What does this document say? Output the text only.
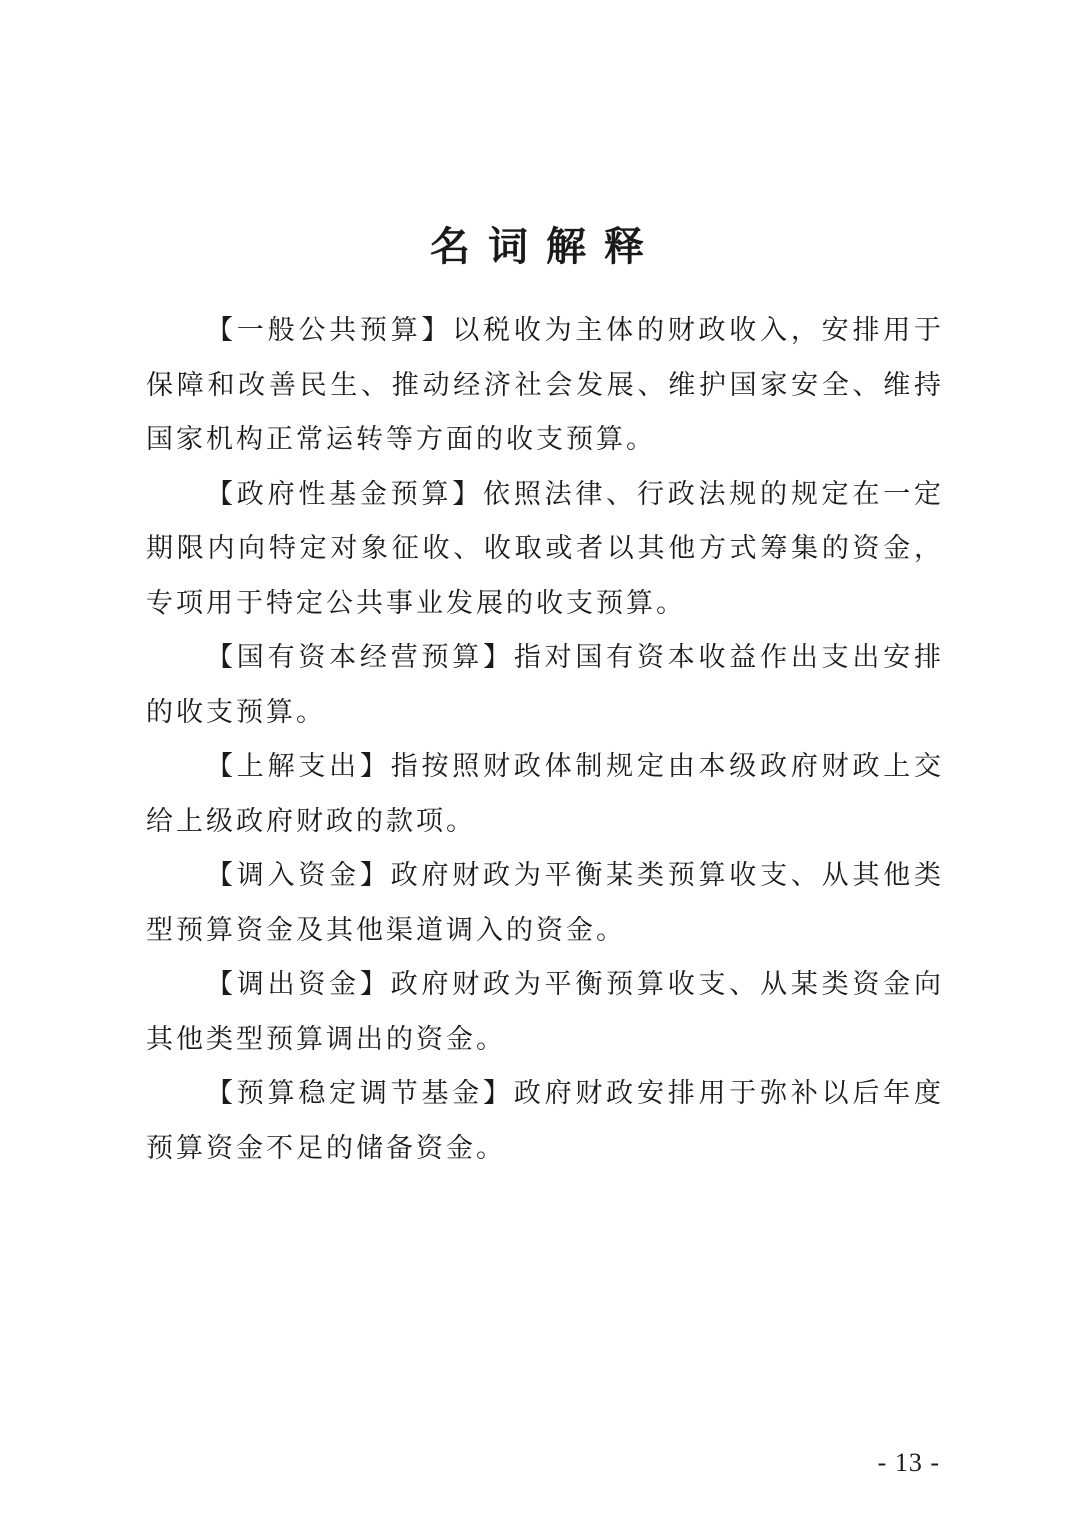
名词解释

【一般公共预算】以税收为主体的财政收入，安排用于保障和改善民生、推动经济社会发展、维护国家安全、维持国家机构正常运转等方面的收支预算。

【政府性基金预算】依照法律、行政法规的规定在一定期限内向特定对象征收、收取或者以其他方式筹集的资金，专项用于特定公共事业发展的收支预算。

【国有资本经营预算】指对国有资本收益作出支出安排的收支预算。

【上解支出】指按照财政体制规定由本级政府财政上交给上级政府财政的款项。

【调入资金】政府财政为平衡某类预算收支、从其他类型预算资金及其他渠道调入的资金。

【调出资金】政府财政为平衡预算收支、从某类资金向其他类型预算调出的资金。

【预算稳定调节基金】政府财政安排用于弥补以后年度预算资金不足的储备资金。

- 13 -
